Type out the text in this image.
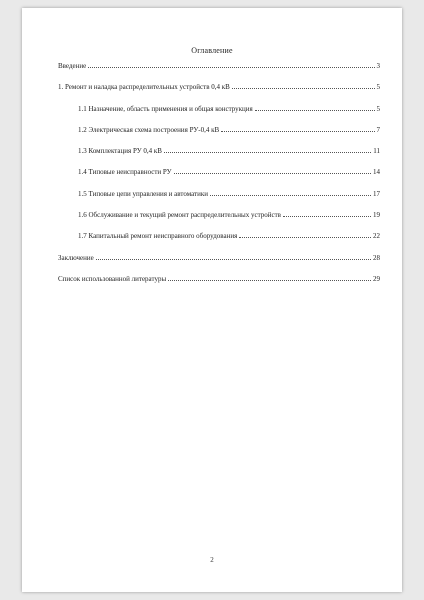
Оглавление
Введение	3
1. Ремонт и наладка распределительных устройств 0,4 кВ	5
1.1 Назначение, область применения и общая конструкция	5
1.2 Электрическая схема построения РУ-0,4 кВ	7
1.3 Комплектация РУ 0,4 кВ	11
1.4 Типовые неисправности РУ	14
1.5 Типовые цепи управления и автоматики	17
1.6 Обслуживание и текущий ремонт распределительных устройств	19
1.7 Капитальный ремонт неисправного оборудования	22
Заключение	28
Список использованной литературы	29
2
